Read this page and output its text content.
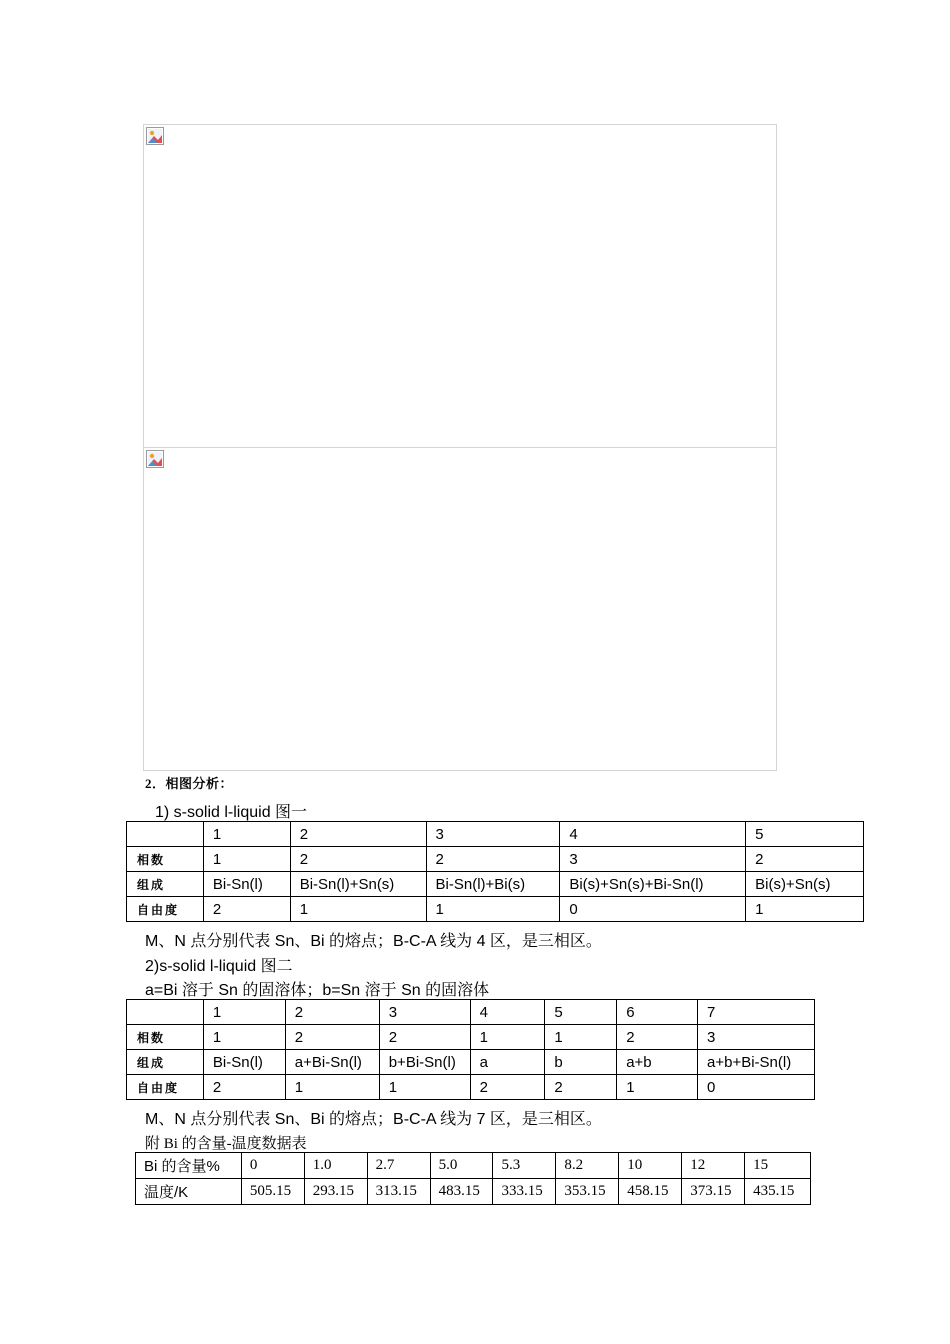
2．相图分析：
1) s-solid l-liquid 图一
	1	2	3	4	5
相数	1	2	2	3	2
组成	Bi-Sn(l)	Bi-Sn(l)+Sn(s)	Bi-Sn(l)+Bi(s)	Bi(s)+Sn(s)+Bi-Sn(l)	Bi(s)+Sn(s)
自由度	2	1	1	0	1
M、N 点分别代表 Sn、Bi 的熔点；B-C-A 线为 4 区，是三相区。
2)s-solid l-liquid 图二
a=Bi 溶于 Sn 的固溶体；b=Sn 溶于 Sn 的固溶体
	1	2	3	4	5	6	7
相数	1	2	2	1	1	2	3
组成	Bi-Sn(l)	a+Bi-Sn(l)	b+Bi-Sn(l)	a	b	a+b	a+b+Bi-Sn(l)
自由度	2	1	1	2	2	1	0
M、N 点分别代表 Sn、Bi 的熔点；B-C-A 线为 7 区，是三相区。
附 Bi 的含量-温度数据表
Bi 的含量%	0	1.0	2.7	5.0	5.3	8.2	10	12	15
温度/K	505.15	293.15	313.15	483.15	333.15	353.15	458.15	373.15	435.15
